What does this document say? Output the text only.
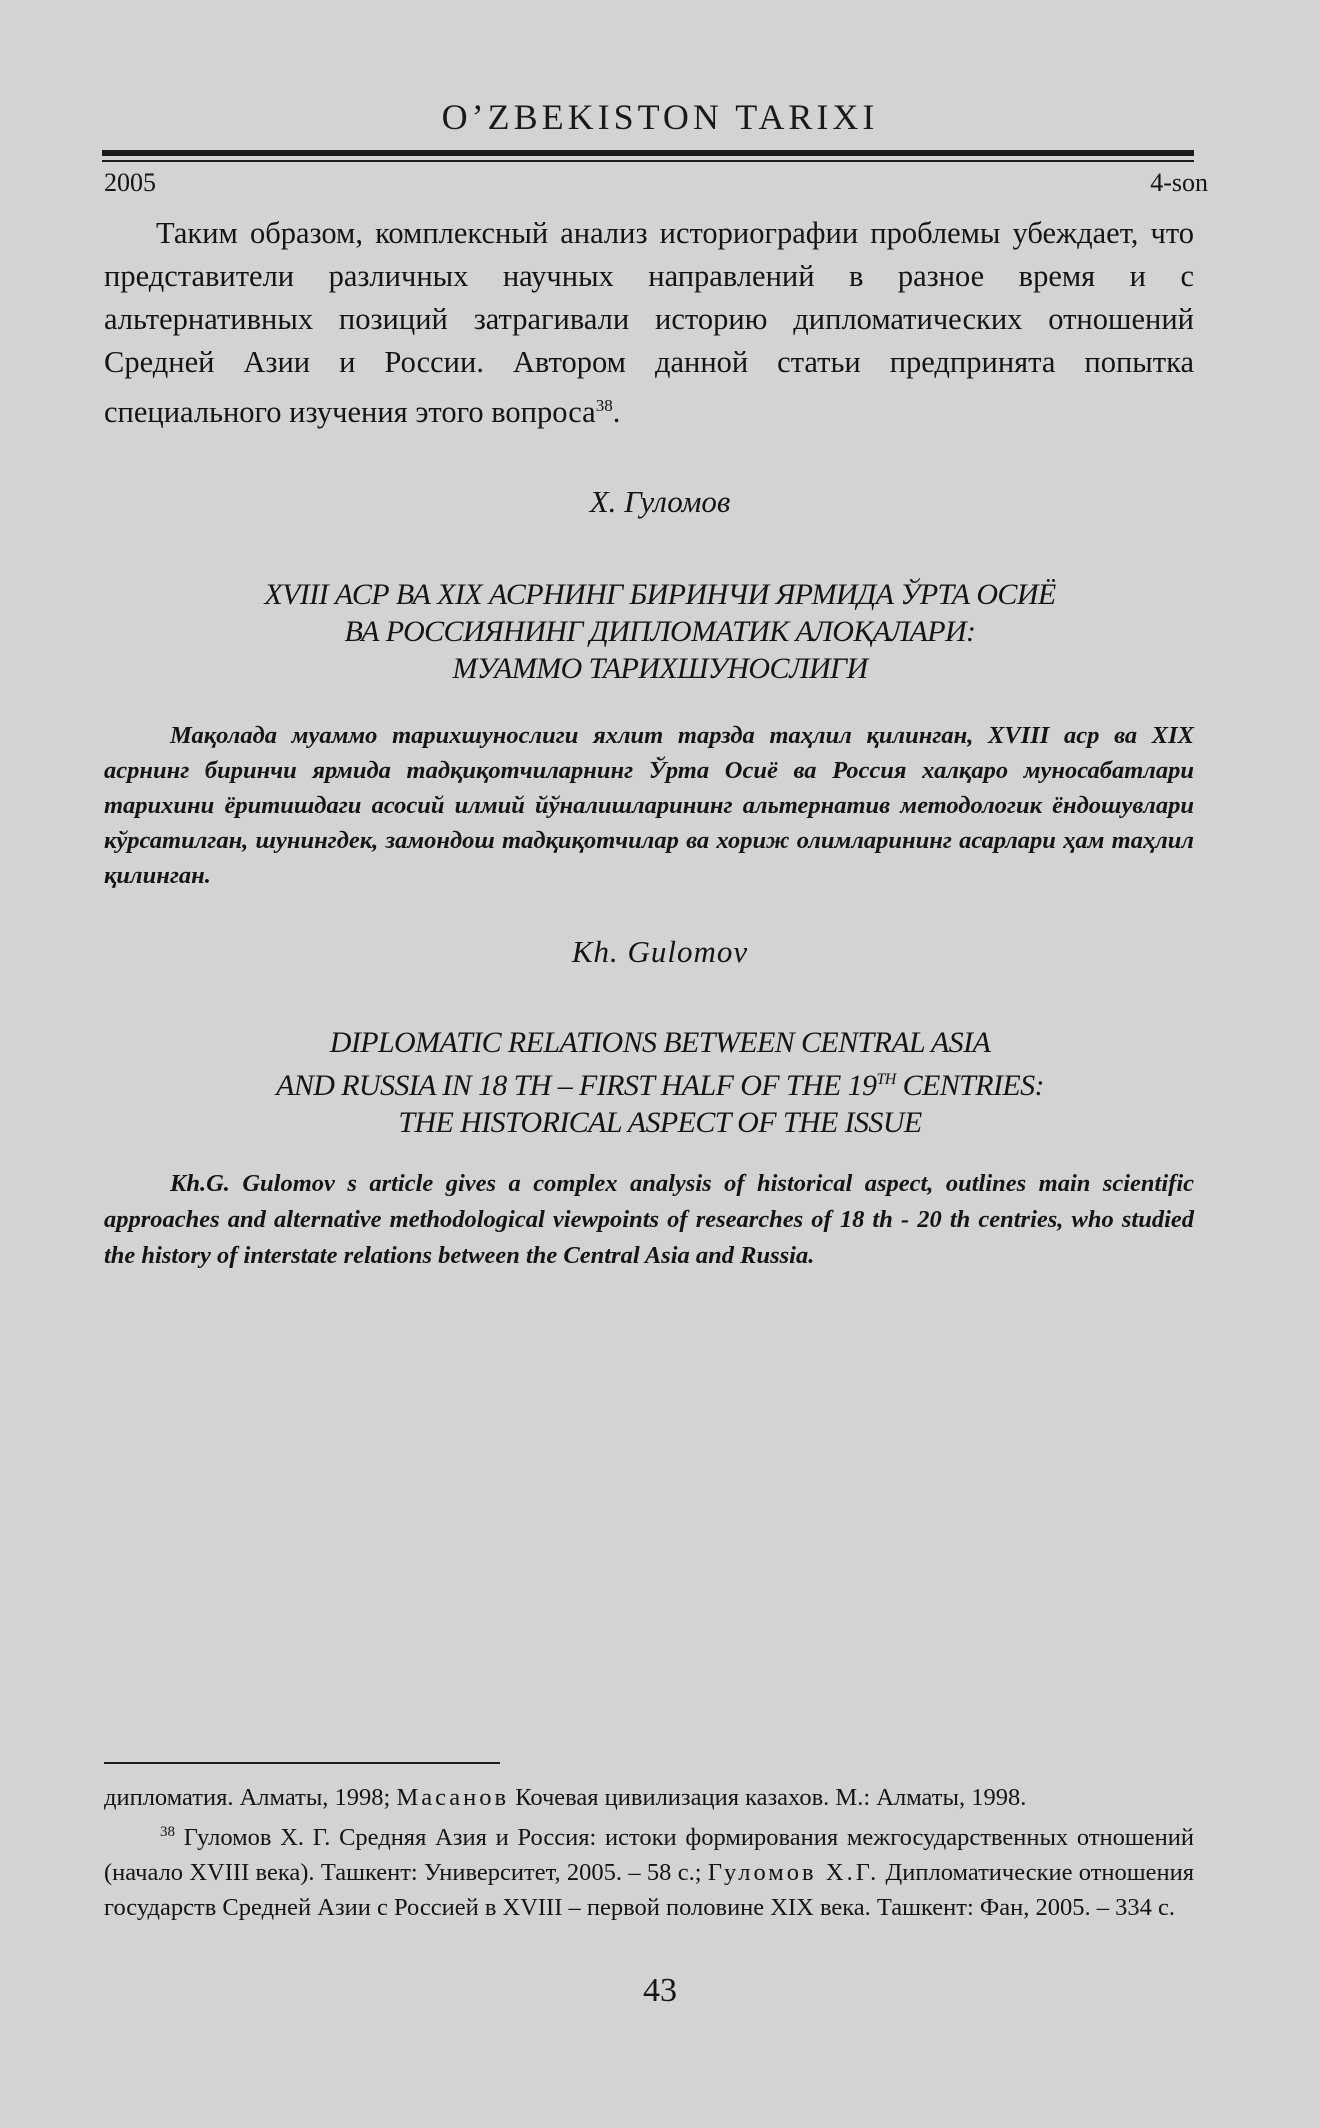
O’ZBEKISTON TARIXI
2005	4-son

Таким образом, комплексный анализ историографии проблемы убеждает, что представители различных научных направлений в разное время и с альтернативных позиций затрагивали историю дипломатических отношений Средней Азии и России. Автором данной статьи предпринята попытка специального изучения этого вопроса$^{38}$.

Х. Гуломов
XVIII АСР ВА XIX АСРНИНГ БИРИНЧИ ЯРМИДА ЎРТА ОСИЁ
ВА РОССИЯНИНГ ДИПЛОМАТИК АЛОҚАЛАРИ:
МУАММО ТАРИХШУНОСЛИГИ

Мақолада муаммо тарихшунослиги яхлит тарзда таҳлил қилинган, XVIII аср ва XIX асрнинг биринчи ярмида тадқиқотчиларнинг Ўрта Осиё ва Россия халқаро муносабатлари тарихини ёритишдаги асосий илмий йўналишларининг альтернатив методологик ёндошувлари кўрсатилган, шунингдек, замондош тадқиқотчилар ва хориж олимларининг асарлари ҳам таҳлил қилинган.

Kh. Gulomov
DIPLOMATIC RELATIONS BETWEEN CENTRAL ASIA
AND RUSSIA IN 18 TH – FIRST HALF OF THE 19TH CENTRIES:
THE HISTORICAL ASPECT OF THE ISSUE

Kh.G. Gulomov s article gives a complex analysis of historical aspect, outlines main scientific approaches and alternative methodological viewpoints of researches of 18 th - 20 th centries, who studied the history of interstate relations between the Central Asia and Russia.

дипломатия. Алматы, 1998; Масанов Кочевая цивилизация казахов. М.: Алматы, 1998.

$^{38}$ Гуломов Х. Г. Средняя Азия и Россия: истоки формирования межгосударственных отношений (начало XVIII века). Ташкент: Университет, 2005. – 58 с.; Гуломов Х.Г. Дипломатические отношения государств Средней Азии с Россией в XVIII – первой половине XIX века. Ташкент: Фан, 2005. – 334 с.

43
